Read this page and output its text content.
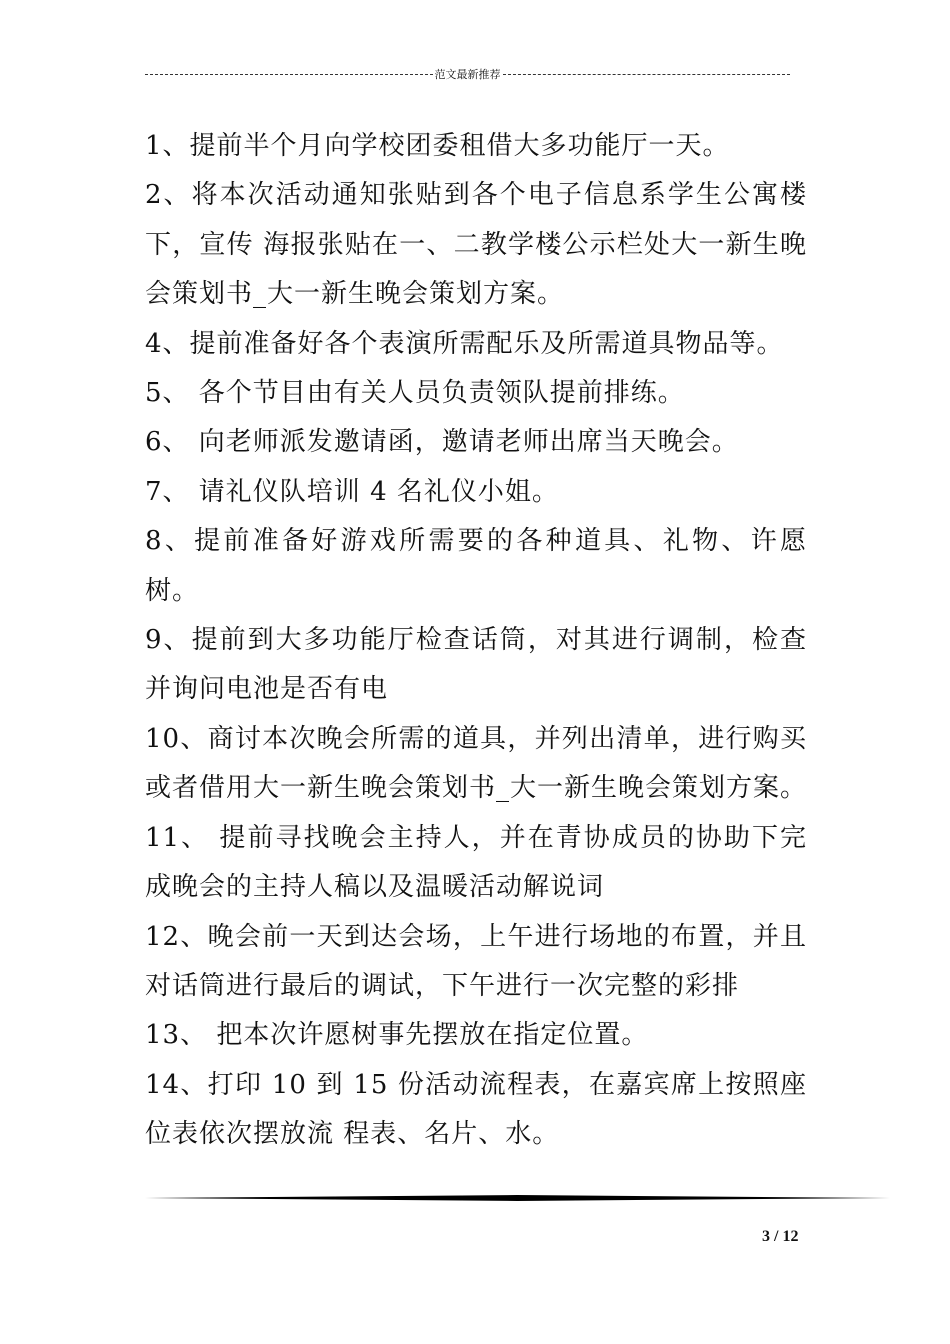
范文最新推荐

1、提前半个月向学校团委租借大多功能厅一天。

2、将本次活动通知张贴到各个电子信息系学生公寓楼下，宣传 海报张贴在一、二教学楼公示栏处大一新生晚会策划书_大一新生晚会策划方案。

4、提前准备好各个表演所需配乐及所需道具物品等。

5、 各个节目由有关人员负责领队提前排练。

6、 向老师派发邀请函，邀请老师出席当天晚会。

7、 请礼仪队培训 4 名礼仪小姐。

8、提前准备好游戏所需要的各种道具、礼物、许愿树。

9、提前到大多功能厅检查话筒，对其进行调制，检查并询问电池是否有电

10、商讨本次晚会所需的道具，并列出清单，进行购买或者借用大一新生晚会策划书_大一新生晚会策划方案。

11、 提前寻找晚会主持人，并在青协成员的协助下完成晚会的主持人稿以及温暖活动解说词

12、晚会前一天到达会场，上午进行场地的布置，并且对话筒进行最后的调试，下午进行一次完整的彩排

13、 把本次许愿树事先摆放在指定位置。

14、打印 10 到 15 份活动流程表，在嘉宾席上按照座位表依次摆放流 程表、名片、水。

3 / 12
